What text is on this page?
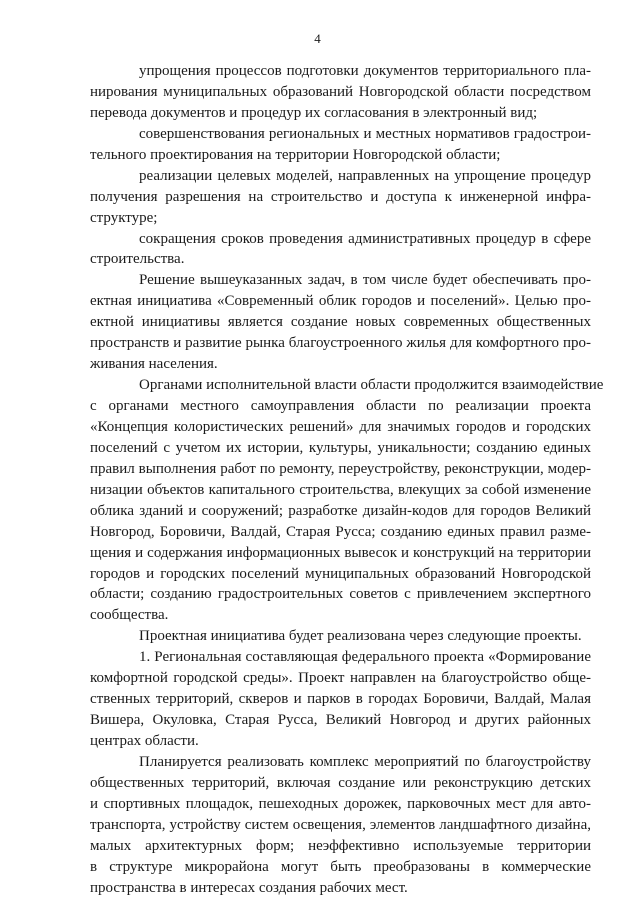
4
упрощения процессов подготовки документов территориального пла-
нирования муниципальных образований Новгородской области посредством
перевода документов и процедур их согласования в электронный вид;
совершенствования региональных и местных нормативов градострои-
тельного проектирования на территории Новгородской области;
реализации целевых моделей, направленных на упрощение процедур
получения разрешения на строительство и доступа к инженерной инфра-
структуре;
сокращения сроков проведения административных процедур в сфере
строительства.
Решение вышеуказанных задач, в том числе будет обеспечивать про-
ектная инициатива «Современный облик городов и поселений». Целью про-
ектной инициативы является создание новых современных общественных
пространств и развитие рынка благоустроенного жилья для комфортного про-
живания населения.
Органами исполнительной власти области продолжится взаимодействие
с органами местного самоуправления области по реализации проекта
«Концепция колористических решений» для значимых городов и городских
поселений с учетом их истории, культуры, уникальности; созданию единых
правил выполнения работ по ремонту, переустройству, реконструкции, модер-
низации объектов капитального строительства, влекущих за собой изменение
облика зданий и сооружений; разработке дизайн-кодов для городов Великий
Новгород, Боровичи, Валдай, Старая Русса; созданию единых правил разме-
щения и содержания информационных вывесок и конструкций на территории
городов и городских поселений муниципальных образований Новгородской
области; созданию градостроительных советов с привлечением экспертного
сообщества.
Проектная инициатива будет реализована через следующие проекты.
1. Региональная составляющая федерального проекта «Формирование
комфортной городской среды». Проект направлен на благоустройство обще-
ственных территорий, скверов и парков в городах Боровичи, Валдай, Малая
Вишера, Окуловка, Старая Русса, Великий Новгород и других районных
центрах области.
Планируется реализовать комплекс мероприятий по благоустройству
общественных территорий, включая создание или реконструкцию детских
и спортивных площадок, пешеходных дорожек, парковочных мест для авто-
транспорта, устройству систем освещения, элементов ландшафтного дизайна,
малых архитектурных форм; неэффективно используемые территории
в структуре микрорайона могут быть преобразованы в коммерческие
пространства в интересах создания рабочих мест.
